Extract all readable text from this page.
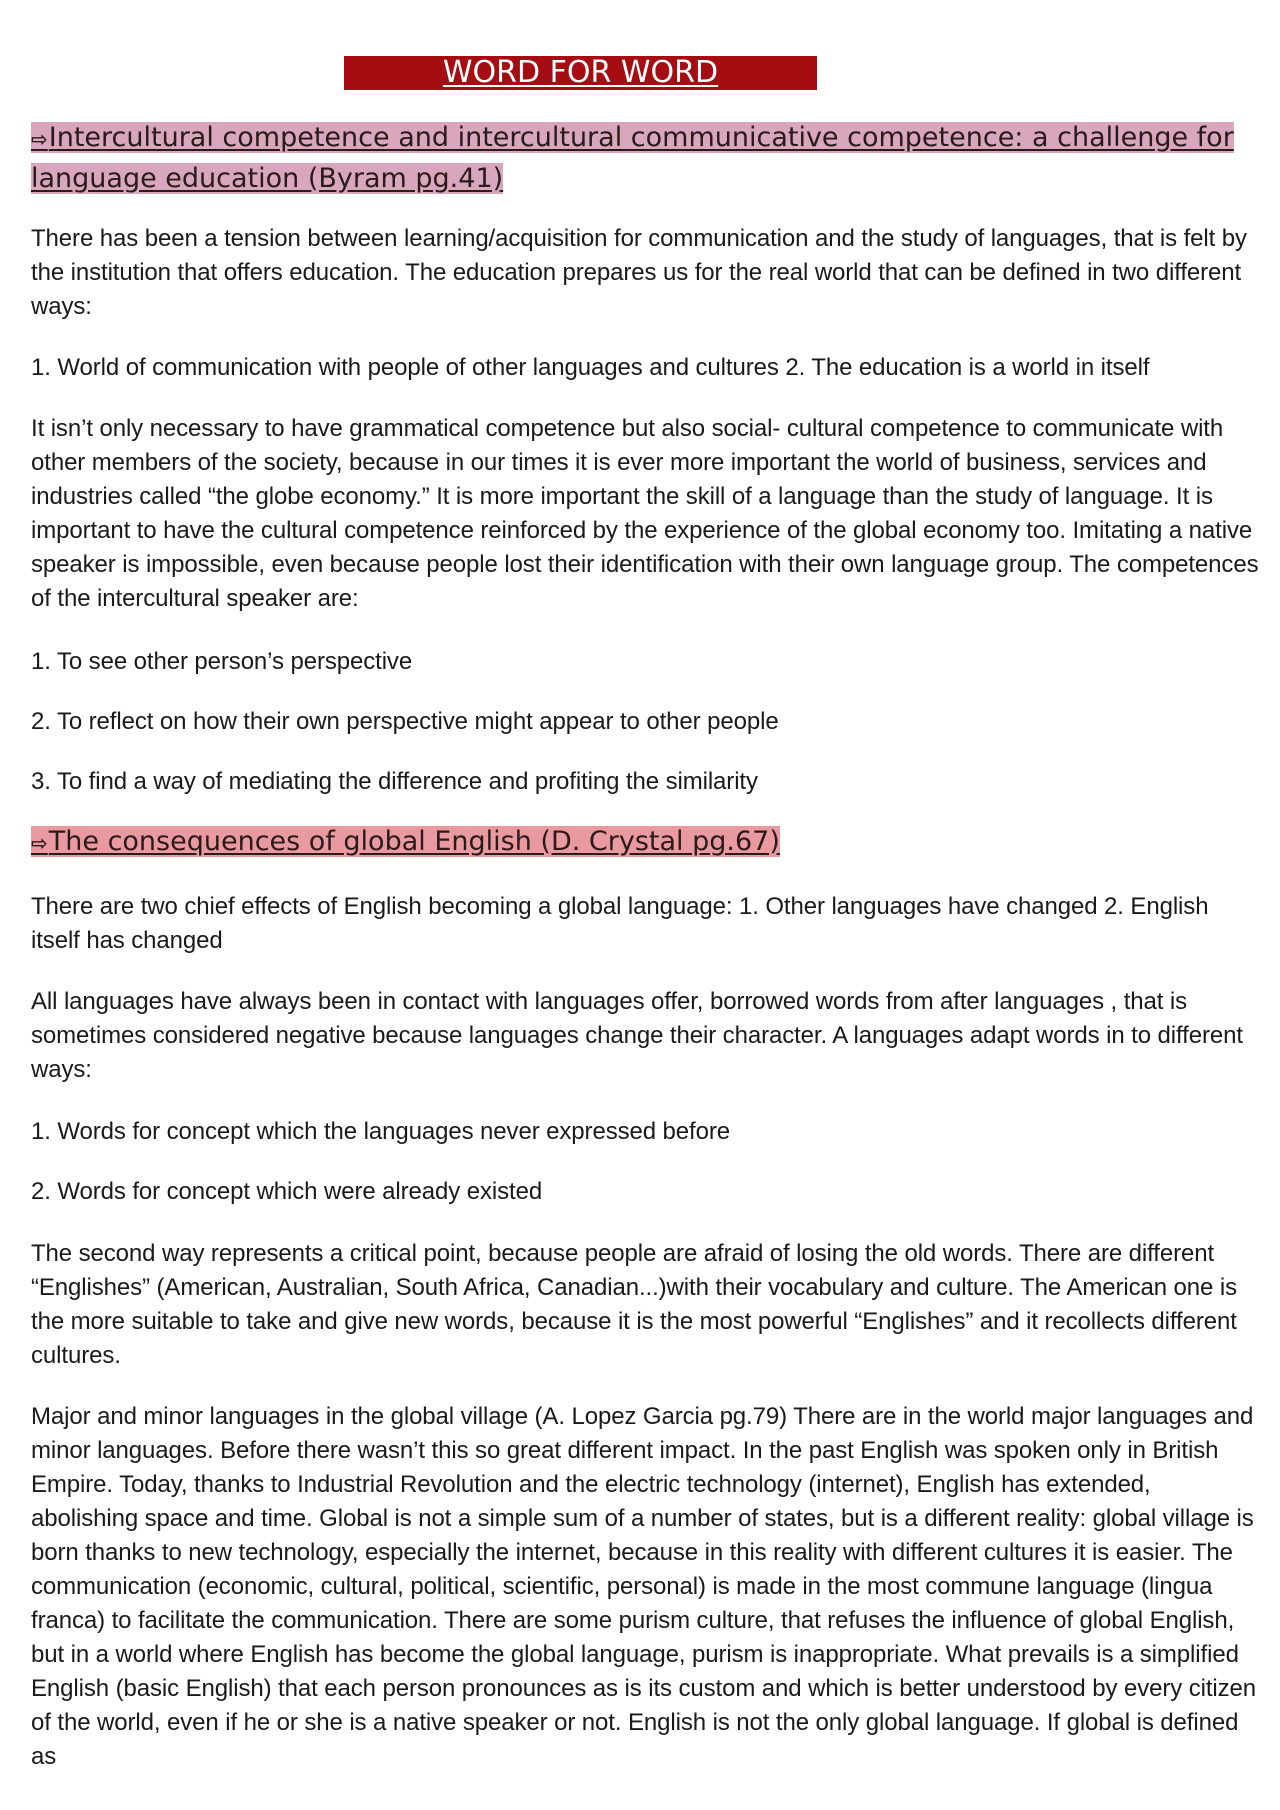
WORD FOR WORD
⇨Intercultural competence and intercultural communicative competence: a challenge for language education (Byram pg.41)

There has been a tension between learning/acquisition for communication and the study of languages, that is felt by the institution that offers education. The education prepares us for the real world that can be defined in two different ways:

1. World of communication with people of other languages and cultures 2. The education is a world in itself

It isn’t only necessary to have grammatical competence but also social- cultural competence to communicate with other members of the society, because in our times it is ever more important the world of business, services and industries called “the globe economy.” It is more important the skill of a language than the study of language. It is important to have the cultural competence reinforced by the experience of the global economy too. Imitating a native speaker is impossible, even because people lost their identification with their own language group. The competences of the intercultural speaker are:

1. To see other person’s perspective

2. To reflect on how their own perspective might appear to other people

3. To find a way of mediating the difference and profiting the similarity

⇨The consequences of global English (D. Crystal pg.67)

There are two chief effects of English becoming a global language: 1. Other languages have changed 2. English itself has changed

All languages have always been in contact with languages offer, borrowed words from after languages , that is sometimes considered negative because languages change their character. A languages adapt words in to different ways:

1. Words for concept which the languages never expressed before

2. Words for concept which were already existed

The second way represents a critical point, because people are afraid of losing the old words. There are different “Englishes” (American, Australian, South Africa, Canadian...)with their vocabulary and culture. The American one is the more suitable to take and give new words, because it is the most powerful “Englishes” and it recollects different cultures.

Major and minor languages in the global village (A. Lopez Garcia pg.79) There are in the world major languages and minor languages. Before there wasn’t this so great different impact. In the past English was spoken only in British Empire. Today, thanks to Industrial Revolution and the electric technology (internet), English has extended, abolishing space and time. Global is not a simple sum of a number of states, but is a different reality: global village is born thanks to new technology, especially the internet, because in this reality with different cultures it is easier. The communication (economic, cultural, political, scientific, personal) is made in the most commune language (lingua franca) to facilitate the communication. There are some purism culture, that refuses the influence of global English, but in a world where English has become the global language, purism is inappropriate. What prevails is a simplified English (basic English) that each person pronounces as is its custom and which is better understood by every citizen of the world, even if he or she is a native speaker or not. English is not the only global language. If global is defined as
